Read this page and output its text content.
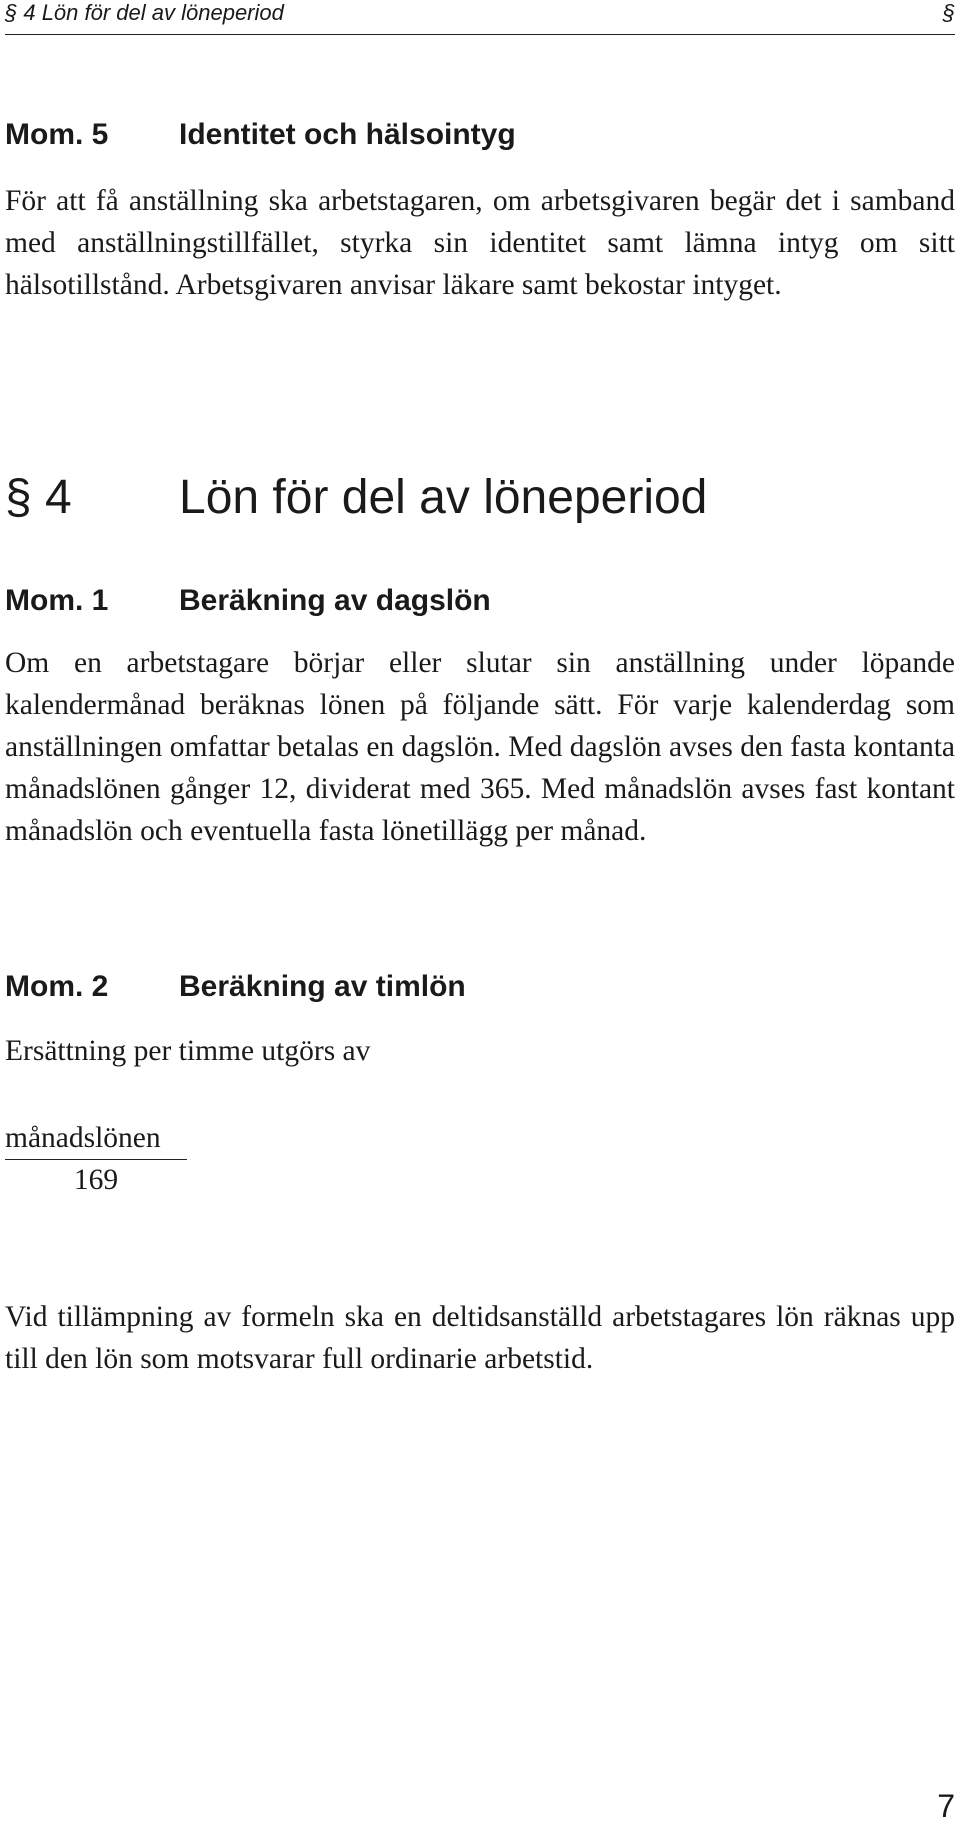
§ 4 Lön för del av löneperiod	§
Mom. 5 Identitet och hälsointyg

För att få anställning ska arbetstagaren, om arbetsgivaren begär det i samband med anställningstillfället, styrka sin identitet samt lämna intyg om sitt hälsotillstånd. Arbetsgivaren anvisar läkare samt bekostar intyget.

§ 4 Lön för del av löneperiod
Mom. 1 Beräkning av dagslön

Om en arbetstagare börjar eller slutar sin anställning under löpande kalendermånad beräknas lönen på följande sätt. För varje kalenderdag som anställningen omfattar betalas en dagslön. Med dagslön avses den fasta kontanta månadslönen gånger 12, dividerat med 365. Med månadslön avses fast kontant månadslön och eventuella fasta lönetillägg per månad.

Mom. 2 Beräkning av timlön

Ersättning per timme utgörs av

månadslönen
169

Vid tillämpning av formeln ska en deltidsanställd arbetstagares lön räknas upp till den lön som motsvarar full ordinarie arbetstid.

7
